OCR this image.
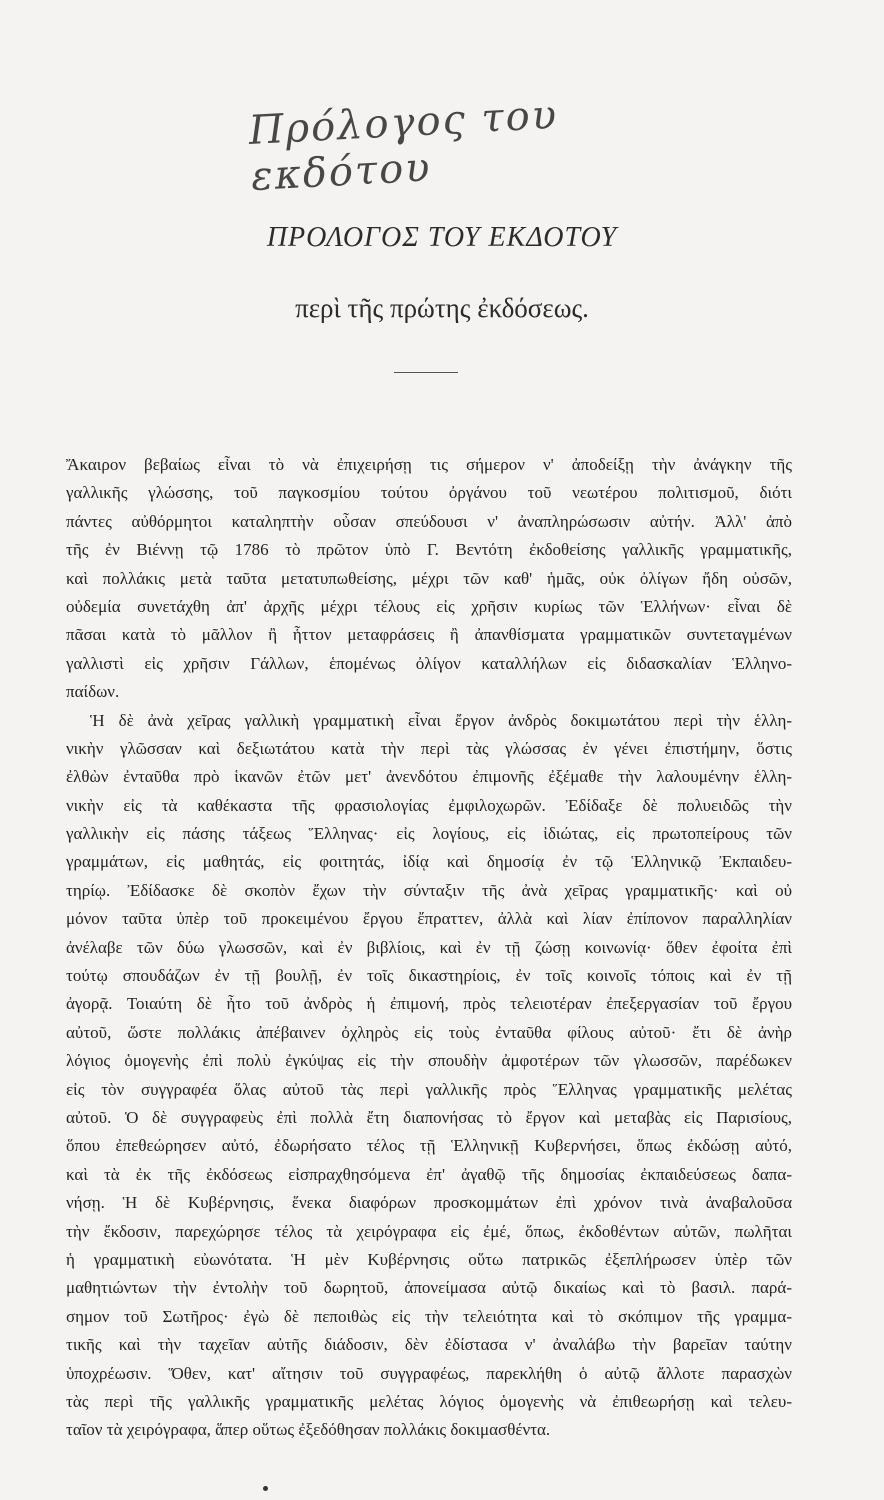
Πρόλογος του εκδότου
ΠΡΟΛΟΓΟΣ ΤΟΥ ΕΚΔΟΤΟΥ
περὶ τῆς πρώτης ἐκδόσεως.
Ἄκαιρον βεβαίως εἶναι τὸ νὰ ἐπιχειρήσῃ τις σήμερον ν' ἀποδείξῃ τὴν ἀνάγκην τῆς
γαλλικῆς γλώσσης, τοῦ παγκοσμίου τούτου ὀργάνου τοῦ νεωτέρου πολιτισμοῦ, διότι
πάντες αὐθόρμητοι καταληπτὴν οὖσαν σπεύδουσι ν' ἀναπληρώσωσιν αὐτήν. Ἀλλ' ἀπὸ
τῆς ἐν Βιέννῃ τῷ 1786 τὸ πρῶτον ὑπὸ Γ. Βεντότη ἐκδοθείσης γαλλικῆς γραμματικῆς,
καὶ πολλάκις μετὰ ταῦτα μετατυπωθείσης, μέχρι τῶν καθ' ἡμᾶς, οὐκ ὀλίγων ἤδη οὐσῶν,
οὐδεμία συνετάχθη ἀπ' ἀρχῆς μέχρι τέλους εἰς χρῆσιν κυρίως τῶν Ἑλλήνων· εἶναι δὲ
πᾶσαι κατὰ τὸ μᾶλλον ἢ ἧττον μεταφράσεις ἢ ἀπανθίσματα γραμματικῶν συντεταγμένων
γαλλιστὶ εἰς χρῆσιν Γάλλων, ἑπομένως ὀλίγον καταλλήλων εἰς διδασκαλίαν Ἑλληνο-
παίδων.
Ἡ δὲ ἀνὰ χεῖρας γαλλικὴ γραμματικὴ εἶναι ἔργον ἀνδρὸς δοκιμωτάτου περὶ τὴν ἑλλη-
νικὴν γλῶσσαν καὶ δεξιωτάτου κατὰ τὴν περὶ τὰς γλώσσας ἐν γένει ἐπιστήμην, ὅστις
ἐλθὼν ἐνταῦθα πρὸ ἱκανῶν ἐτῶν μετ' ἀνενδότου ἐπιμονῆς ἐξέμαθε τὴν λαλουμένην ἑλλη-
νικὴν εἰς τὰ καθέκαστα τῆς φρασιολογίας ἐμφιλοχωρῶν. Ἐδίδαξε δὲ πολυειδῶς τὴν
γαλλικὴν εἰς πάσης τάξεως Ἕλληνας· εἰς λογίους, εἰς ἰδιώτας, εἰς πρωτοπείρους τῶν
γραμμάτων, εἰς μαθητάς, εἰς φοιτητάς, ἰδίᾳ καὶ δημοσίᾳ ἐν τῷ Ἑλληνικῷ Ἐκπαιδευ-
τηρίῳ. Ἐδίδασκε δὲ σκοπὸν ἔχων τὴν σύνταξιν τῆς ἀνὰ χεῖρας γραμματικῆς· καὶ οὐ
μόνον ταῦτα ὑπὲρ τοῦ προκειμένου ἔργου ἔπραττεν, ἀλλὰ καὶ λίαν ἐπίπονον παραλληλίαν
ἀνέλαβε τῶν δύω γλωσσῶν, καὶ ἐν βιβλίοις, καὶ ἐν τῇ ζώσῃ κοινωνίᾳ· ὅθεν ἐφοίτα ἐπὶ
τούτῳ σπουδάζων ἐν τῇ βουλῇ, ἐν τοῖς δικαστηρίοις, ἐν τοῖς κοινοῖς τόποις καὶ ἐν τῇ
ἀγορᾷ. Τοιαύτη δὲ ἦτο τοῦ ἀνδρὸς ἡ ἐπιμονή, πρὸς τελειοτέραν ἐπεξεργασίαν τοῦ ἔργου
αὐτοῦ, ὥστε πολλάκις ἀπέβαινεν ὀχληρὸς εἰς τοὺς ἐνταῦθα φίλους αὐτοῦ· ἔτι δὲ ἀνὴρ
λόγιος ὁμογενὴς ἐπὶ πολὺ ἐγκύψας εἰς τὴν σπουδὴν ἀμφοτέρων τῶν γλωσσῶν, παρέδωκεν
εἰς τὸν συγγραφέα ὅλας αὐτοῦ τὰς περὶ γαλλικῆς πρὸς Ἕλληνας γραμματικῆς μελέτας
αὐτοῦ. Ὁ δὲ συγγραφεὺς ἐπὶ πολλὰ ἔτη διαπονήσας τὸ ἔργον καὶ μεταβὰς εἰς Παρισίους,
ὅπου ἐπεθεώρησεν αὐτό, ἐδωρήσατο τέλος τῇ Ἑλληνικῇ Κυβερνήσει, ὅπως ἐκδώσῃ αὐτό,
καὶ τὰ ἐκ τῆς ἐκδόσεως εἰσπραχθησόμενα ἐπ' ἀγαθῷ τῆς δημοσίας ἐκπαιδεύσεως δαπα-
νήσῃ. Ἡ δὲ Κυβέρνησις, ἕνεκα διαφόρων προσκομμάτων ἐπὶ χρόνον τινὰ ἀναβαλοῦσα
τὴν ἔκδοσιν, παρεχώρησε τέλος τὰ χειρόγραφα εἰς ἐμέ, ὅπως, ἐκδοθέντων αὐτῶν, πωλῆται
ἡ γραμματικὴ εὐωνότατα. Ἡ μὲν Κυβέρνησις οὕτω πατρικῶς ἐξεπλήρωσεν ὑπὲρ τῶν
μαθητιώντων τὴν ἐντολὴν τοῦ δωρητοῦ, ἀπονείμασα αὐτῷ δικαίως καὶ τὸ βασιλ. παρά-
σημον τοῦ Σωτῆρος· ἐγὼ δὲ πεποιθὼς εἰς τὴν τελειότητα καὶ τὸ σκόπιμον τῆς γραμμα-
τικῆς καὶ τὴν ταχεῖαν αὐτῆς διάδοσιν, δὲν ἐδίστασα ν' ἀναλάβω τὴν βαρεῖαν ταύτην
ὑποχρέωσιν. Ὅθεν, κατ' αἴτησιν τοῦ συγγραφέως, παρεκλήθη ὁ αὐτῷ ἄλλοτε παρασχὼν
τὰς περὶ τῆς γαλλικῆς γραμματικῆς μελέτας λόγιος ὁμογενὴς νὰ ἐπιθεωρήσῃ καὶ τελευ-
ταῖον τὰ χειρόγραφα, ἅπερ οὕτως ἐξεδόθησαν πολλάκις δοκιμασθέντα.
